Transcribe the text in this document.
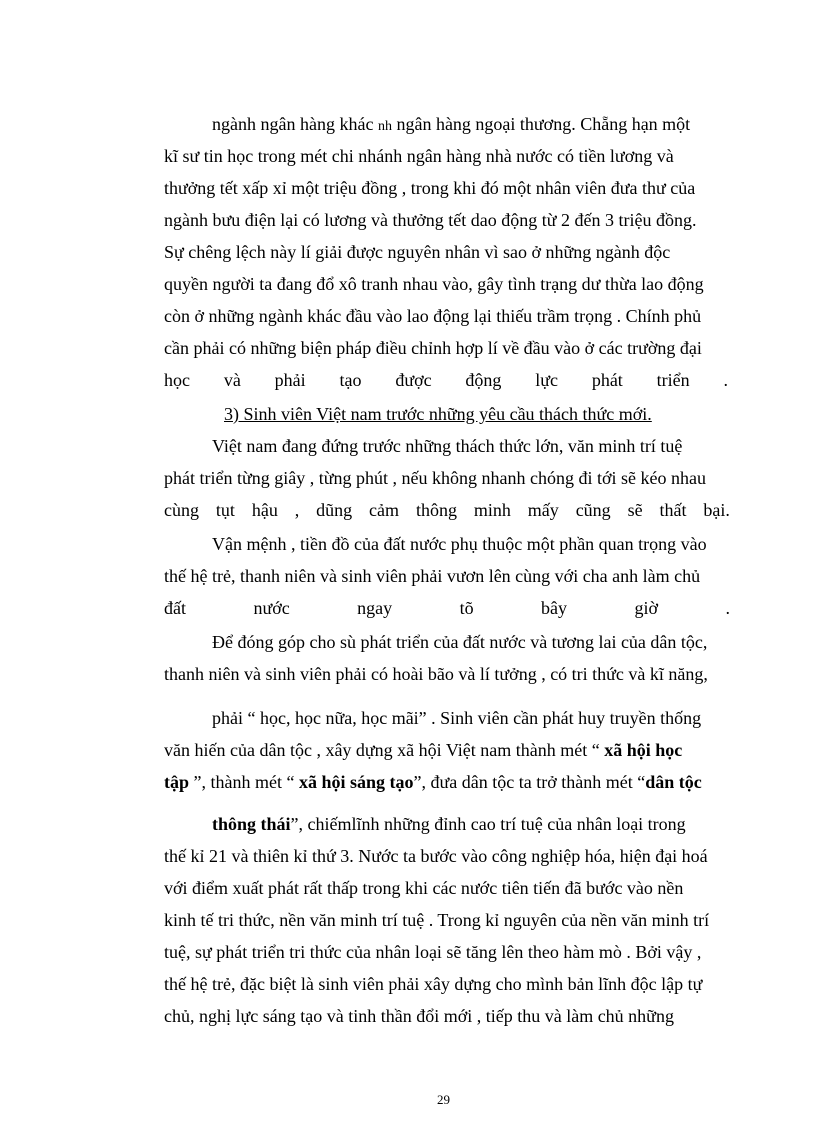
ngành ngân hàng khác nh ngân hàng ngoại thương. Chẵng hạn một
kĩ sư tin học trong mét chi nhánh ngân hàng nhà nước có tiền lương và
thưởng tết xấp xỉ một triệu đồng , trong khi đó một nhân viên đưa thư của
ngành bưu điện lại có lương và thưởng tết dao động từ 2 đến 3 triệu đồng.
Sự chêng lệch này lí giải được nguyên nhân vì sao ở những ngành độc
quyền người ta đang đổ xô tranh nhau vào, gây tình trạng dư thừa lao động
còn ở những ngành khác đầu vào lao động lại thiếu trầm trọng . Chính phủ
cần phải có những biện pháp điều chỉnh hợp lí về đầu vào ở các trường đại
học và phải tạo được động lực phát triển .
3) Sinh viên Việt nam trước những yêu cầu thách thức mới.
Việt nam đang đứng trước những thách thức lớn, văn minh trí tuệ
phát triển từng giây , từng phút , nếu không nhanh chóng đi tới sẽ kéo nhau
cùng tụt hậu , dũng cảm thông minh mấy cũng sẽ thất bại.
Vận mệnh , tiền đồ của đất nước phụ thuộc một phần quan trọng vào
thế hệ trẻ, thanh niên và sinh viên phải vươn lên cùng với cha anh làm chủ
đất	nước	ngay	tõ	bây	giờ	.
Để đóng góp cho sù phát triển của đất nước và tương lai của dân tộc,
thanh niên và sinh viên phải có hoài bão và lí tưởng , có tri thức và kĩ năng,
phải “ học, học nữa, học mãi” . Sinh viên cần phát huy truyền thống
văn hiến của dân tộc , xây dựng xã hội Việt nam thành mét “ xã hội học
tập ”, thành mét “ xã hội sáng tạo”, đưa dân tộc ta trở thành mét “dân tộc
thông thái”, chiếmlĩnh những đỉnh cao trí tuệ của nhân loại trong
thế kỉ 21 và thiên kỉ thứ 3. Nước ta bước vào công nghiệp hóa, hiện đại hoá
với điểm xuất phát rất thấp trong khi các nước tiên tiến đã bước vào nền
kinh tế tri thức, nền văn minh trí tuệ . Trong kỉ nguyên của nền văn minh trí
tuệ, sự phát triển tri thức của nhân loại sẽ tăng lên theo hàm mò . Bởi vậy ,
thế hệ trẻ, đặc biệt là sinh viên phải xây dựng cho mình bản lĩnh độc lập tự
chủ, nghị lực sáng tạo và tinh thần đổi mới , tiếp thu và làm chủ những
29
